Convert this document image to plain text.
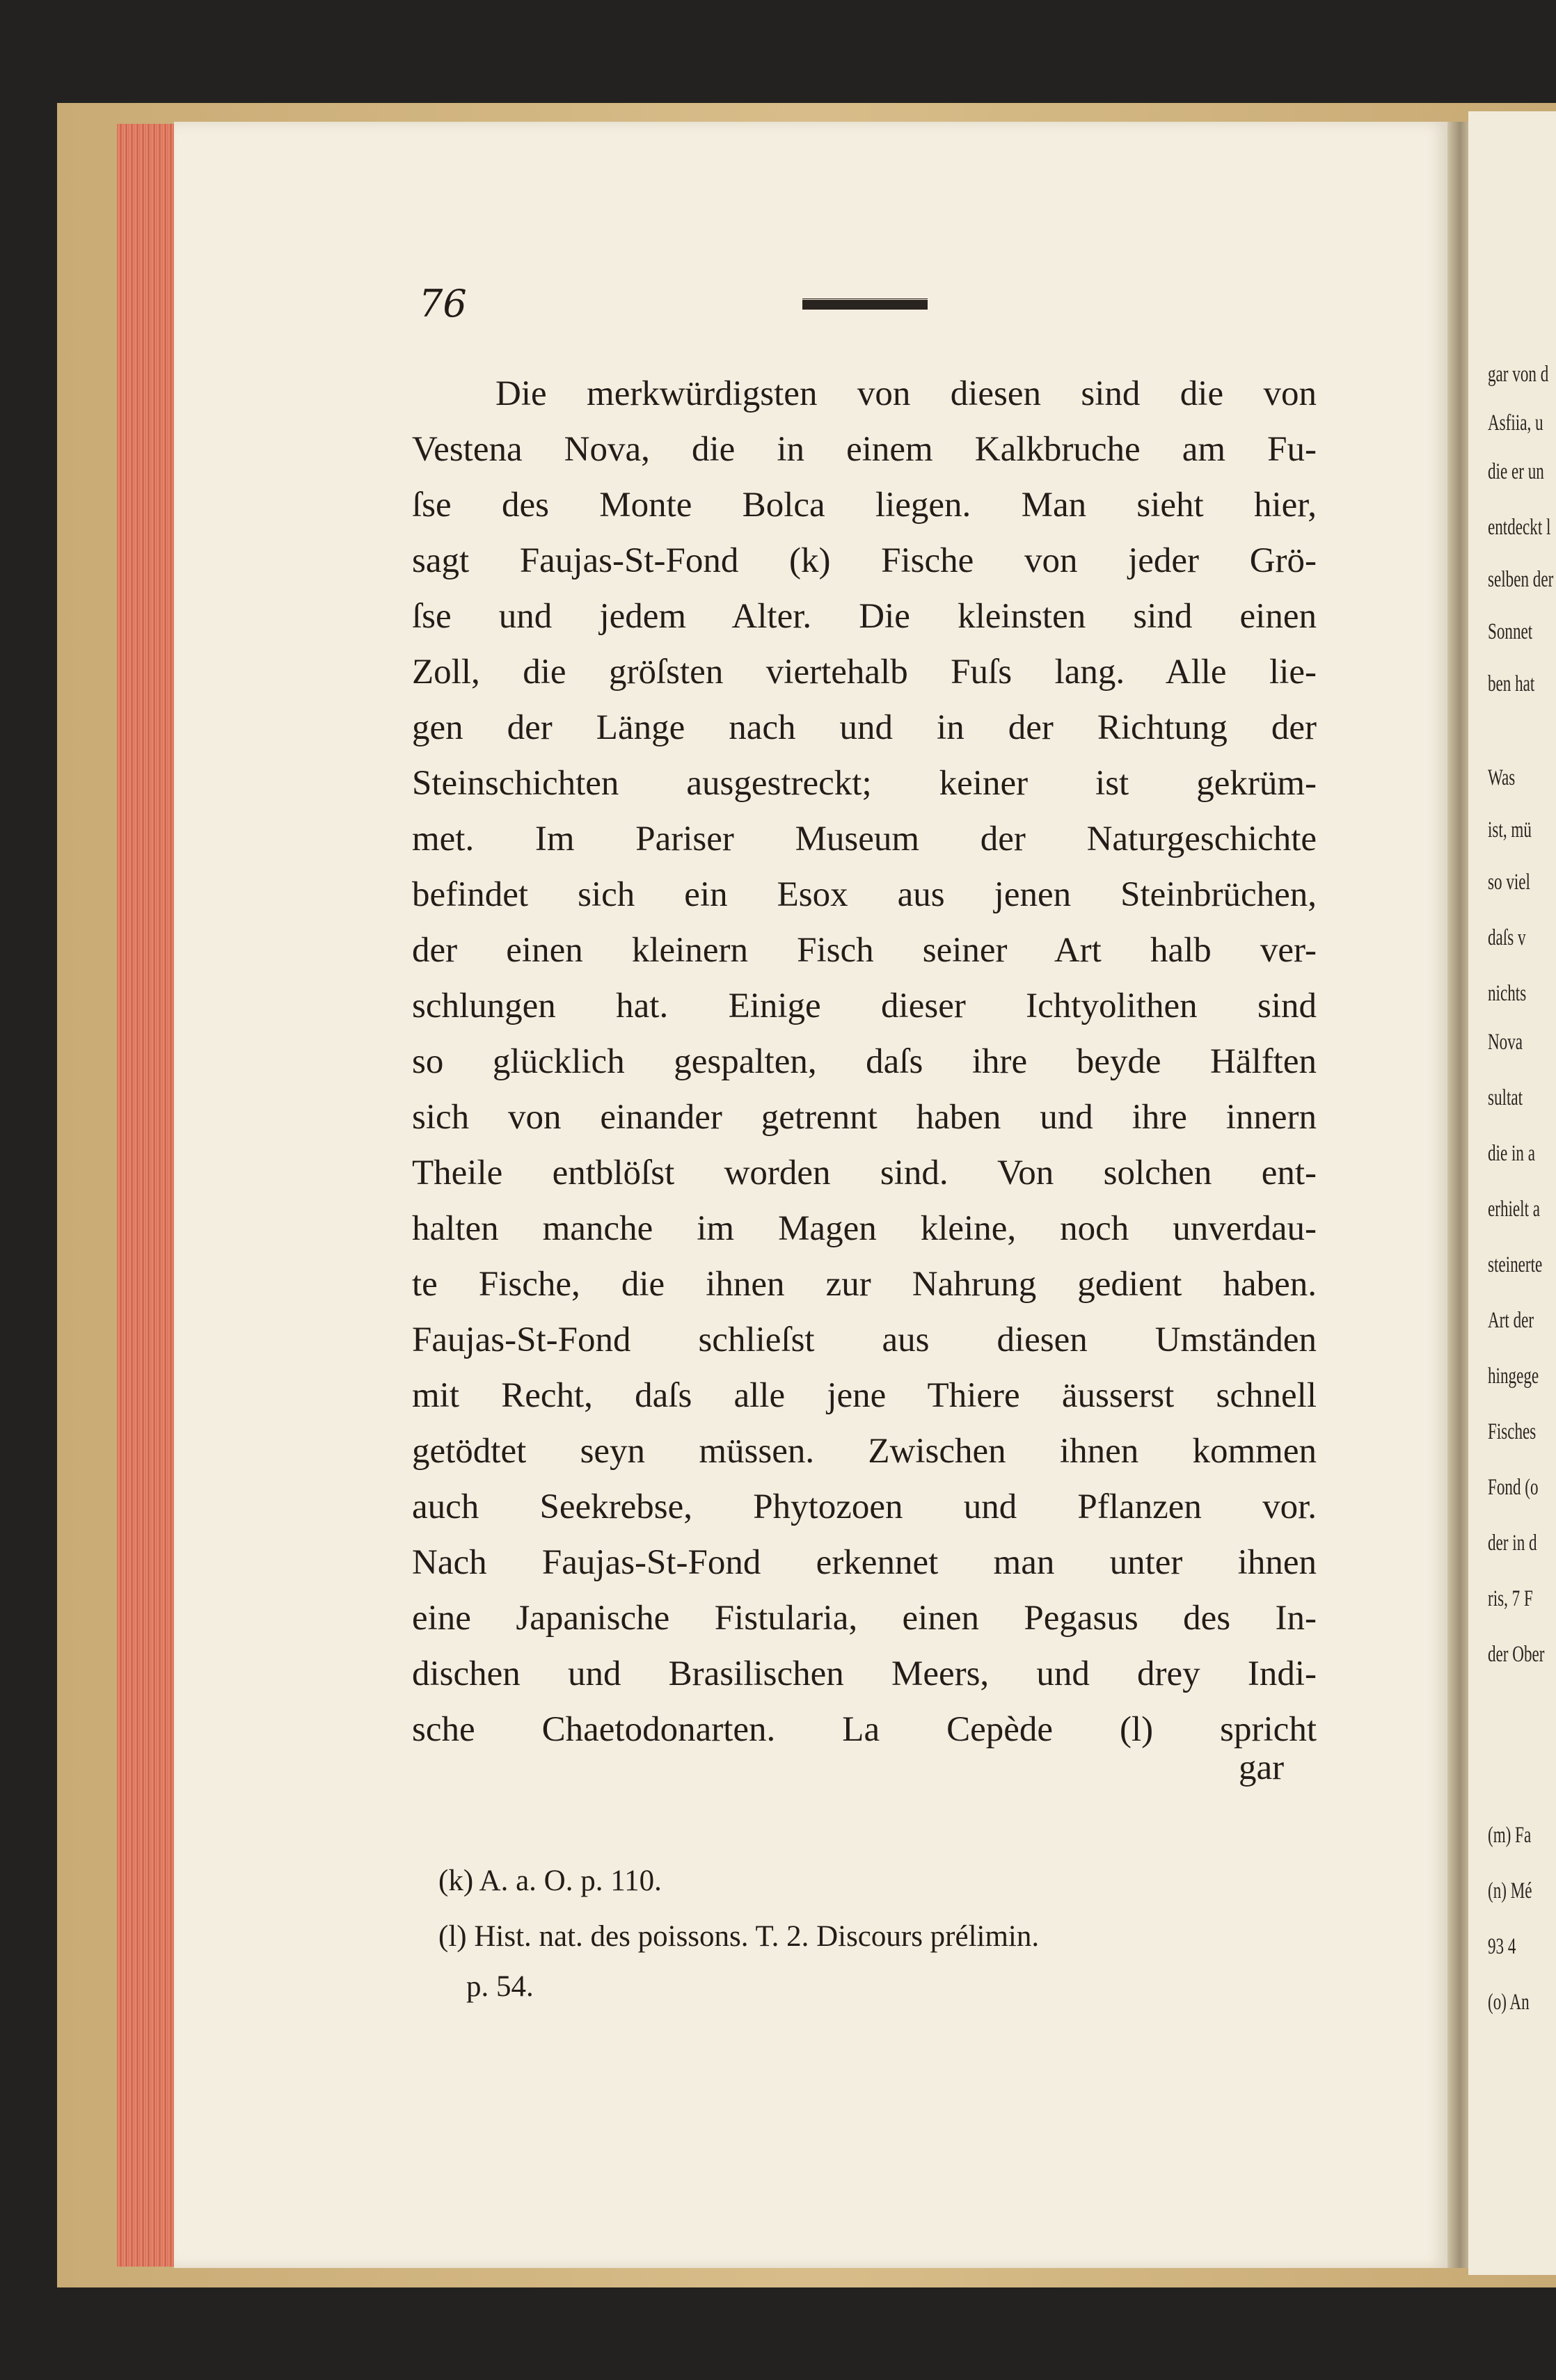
gar von d
Asfiia, u
die er un
entdeckt l
selben der
Sonnet
ben hat
Was
ist, mü
so viel
daſs v
nichts
Nova
sultat
die in a
erhielt a
steinerte
Art der
hingege
Fisches
Fond (o
der in d
ris, 7 F
der Ober
(m) Fa
(n) Mé
93 4
(o) An
76
Die merkwürdigsten von diesen sind die von
Vestena Nova, die in einem Kalkbruche am Fu-
ſse des Monte Bolca liegen. Man sieht hier,
sagt Faujas-St-Fond (k) Fische von jeder Grö-
ſse und jedem Alter. Die kleinsten sind einen
Zoll, die gröſsten viertehalb Fuſs lang. Alle lie-
gen der Länge nach und in der Richtung der
Steinschichten ausgestreckt; keiner ist gekrüm-
met. Im Pariser Museum der Naturgeschichte
befindet sich ein Esox aus jenen Steinbrüchen,
der einen kleinern Fisch seiner Art halb ver-
schlungen hat. Einige dieser Ichtyolithen sind
so glücklich gespalten, daſs ihre beyde Hälften
sich von einander getrennt haben und ihre innern
Theile entblöſst worden sind. Von solchen ent-
halten manche im Magen kleine, noch unverdau-
te Fische, die ihnen zur Nahrung gedient haben.
Faujas-St-Fond schlieſst aus diesen Umständen
mit Recht, daſs alle jene Thiere äusserst schnell
getödtet seyn müssen. Zwischen ihnen kommen
auch Seekrebse, Phytozoen und Pflanzen vor.
Nach Faujas-St-Fond erkennet man unter ihnen
eine Japanische Fistularia, einen Pegasus des In-
dischen und Brasilischen Meers, und drey Indi-
sche Chaetodonarten. La Cepède (l) spricht
gar
(k) A. a. O. p. 110.
(l) Hist. nat. des poissons. T. 2. Discours prélimin.
p. 54.
